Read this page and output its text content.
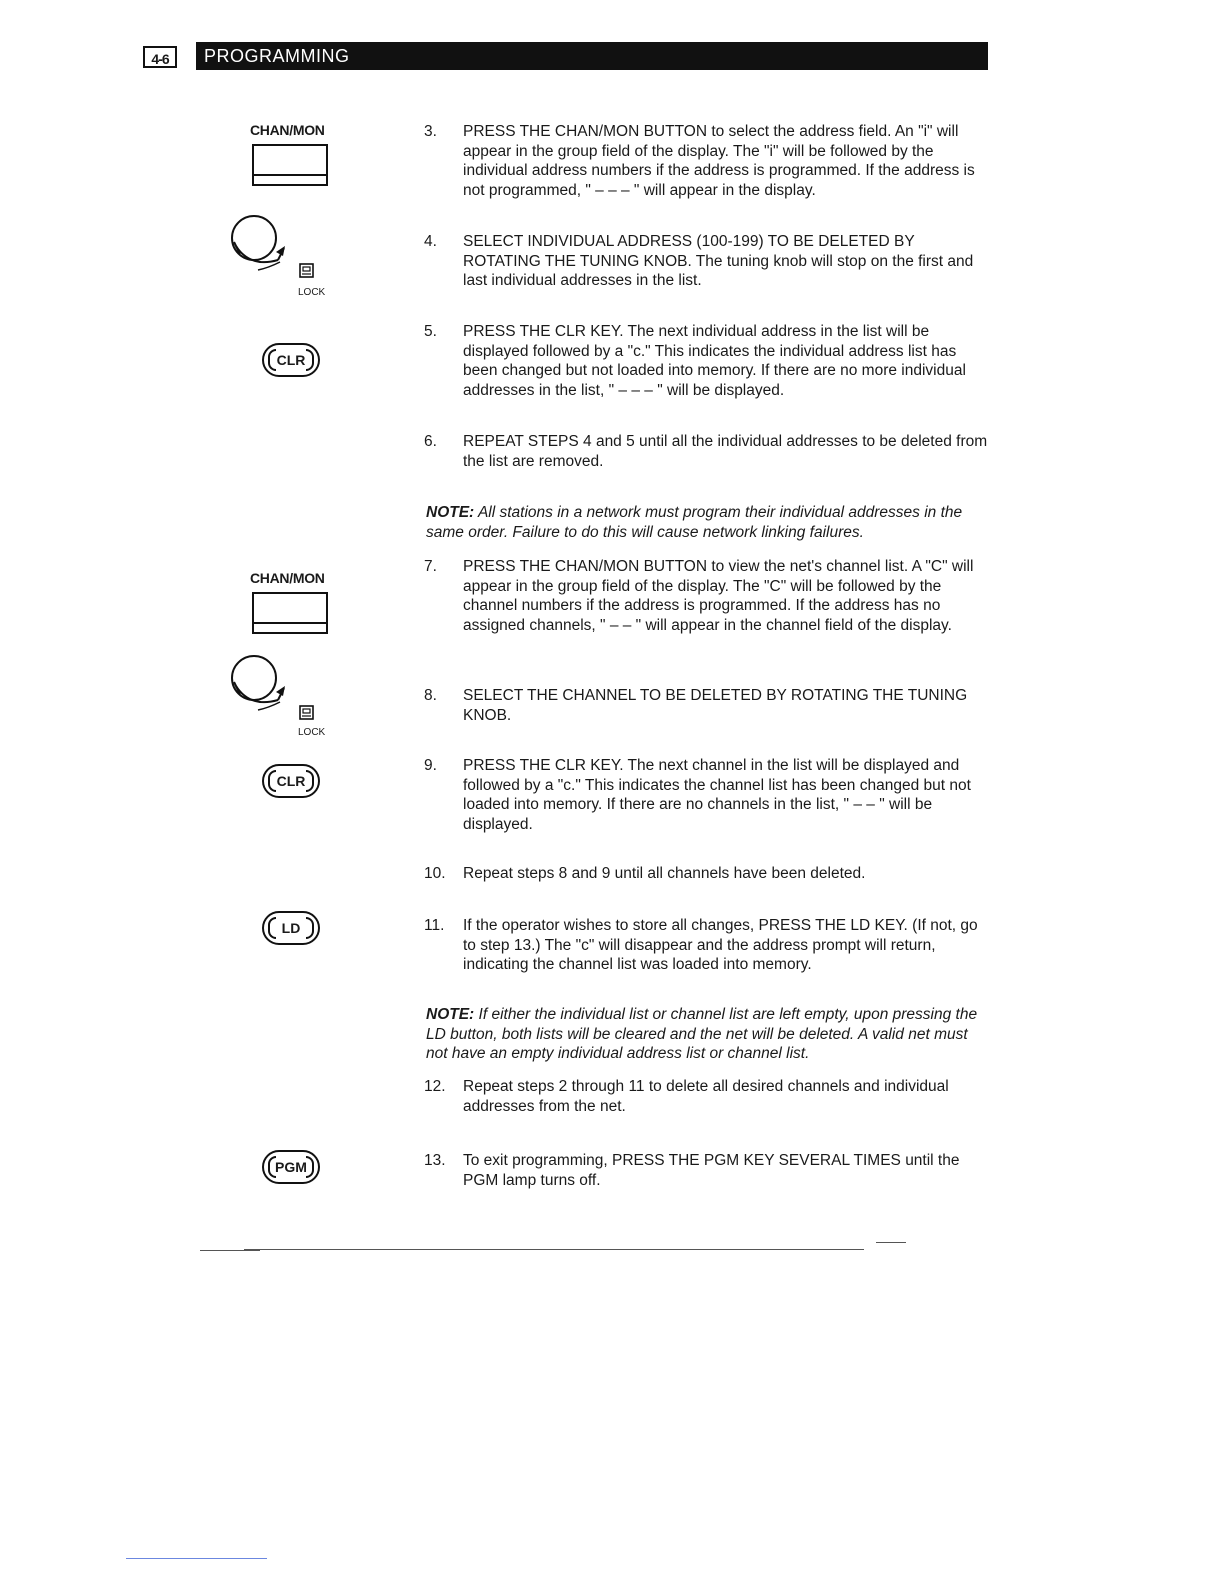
4-6	PROGRAMMING
CHAN/MON
LOCK
CLR
CHAN/MON
LOCK
CLR
LD
PGM
3.	PRESS THE CHAN/MON BUTTON to select the address field. An "i" will appear in the group field of the display. The "i" will be followed by the individual address numbers if the address is programmed. If the address is not programmed, " – – – " will appear in the display.
4.	SELECT INDIVIDUAL ADDRESS (100-199) TO BE DELETED BY ROTATING THE TUNING KNOB. The tuning knob will stop on the first and last individual addresses in the list.
5.	PRESS THE CLR KEY. The next individual address in the list will be displayed followed by a "c." This indicates the individual address list has been changed but not loaded into memory. If there are no more individual addresses in the list, " – – – " will be displayed.
6.	REPEAT STEPS 4 and 5 until all the individual addresses to be deleted from the list are removed.
NOTE: All stations in a network must program their individual addresses in the same order. Failure to do this will cause network linking failures.
7.	PRESS THE CHAN/MON BUTTON to view the net's channel list. A "C" will appear in the group field of the display. The "C" will be followed by the channel numbers if the address is programmed. If the address has no assigned channels, " – – " will appear in the channel field of the display.
8.	SELECT THE CHANNEL TO BE DELETED BY ROTATING THE TUNING KNOB.
9.	PRESS THE CLR KEY. The next channel in the list will be displayed and followed by a "c." This indicates the channel list has been changed but not loaded into memory. If there are no channels in the list, " – – " will be displayed.
10.	Repeat steps 8 and 9 until all channels have been deleted.
11.	If the operator wishes to store all changes, PRESS THE LD KEY. (If not, go to step 13.) The "c" will disappear and the address prompt will return, indicating the channel list was loaded into memory.
NOTE: If either the individual list or channel list are left empty, upon pressing the LD button, both lists will be cleared and the net will be deleted. A valid net must not have an empty individual address list or channel list.
12.	Repeat steps 2 through 11 to delete all desired channels and individual addresses from the net.
13.	To exit programming, PRESS THE PGM KEY SEVERAL TIMES until the PGM lamp turns off.
